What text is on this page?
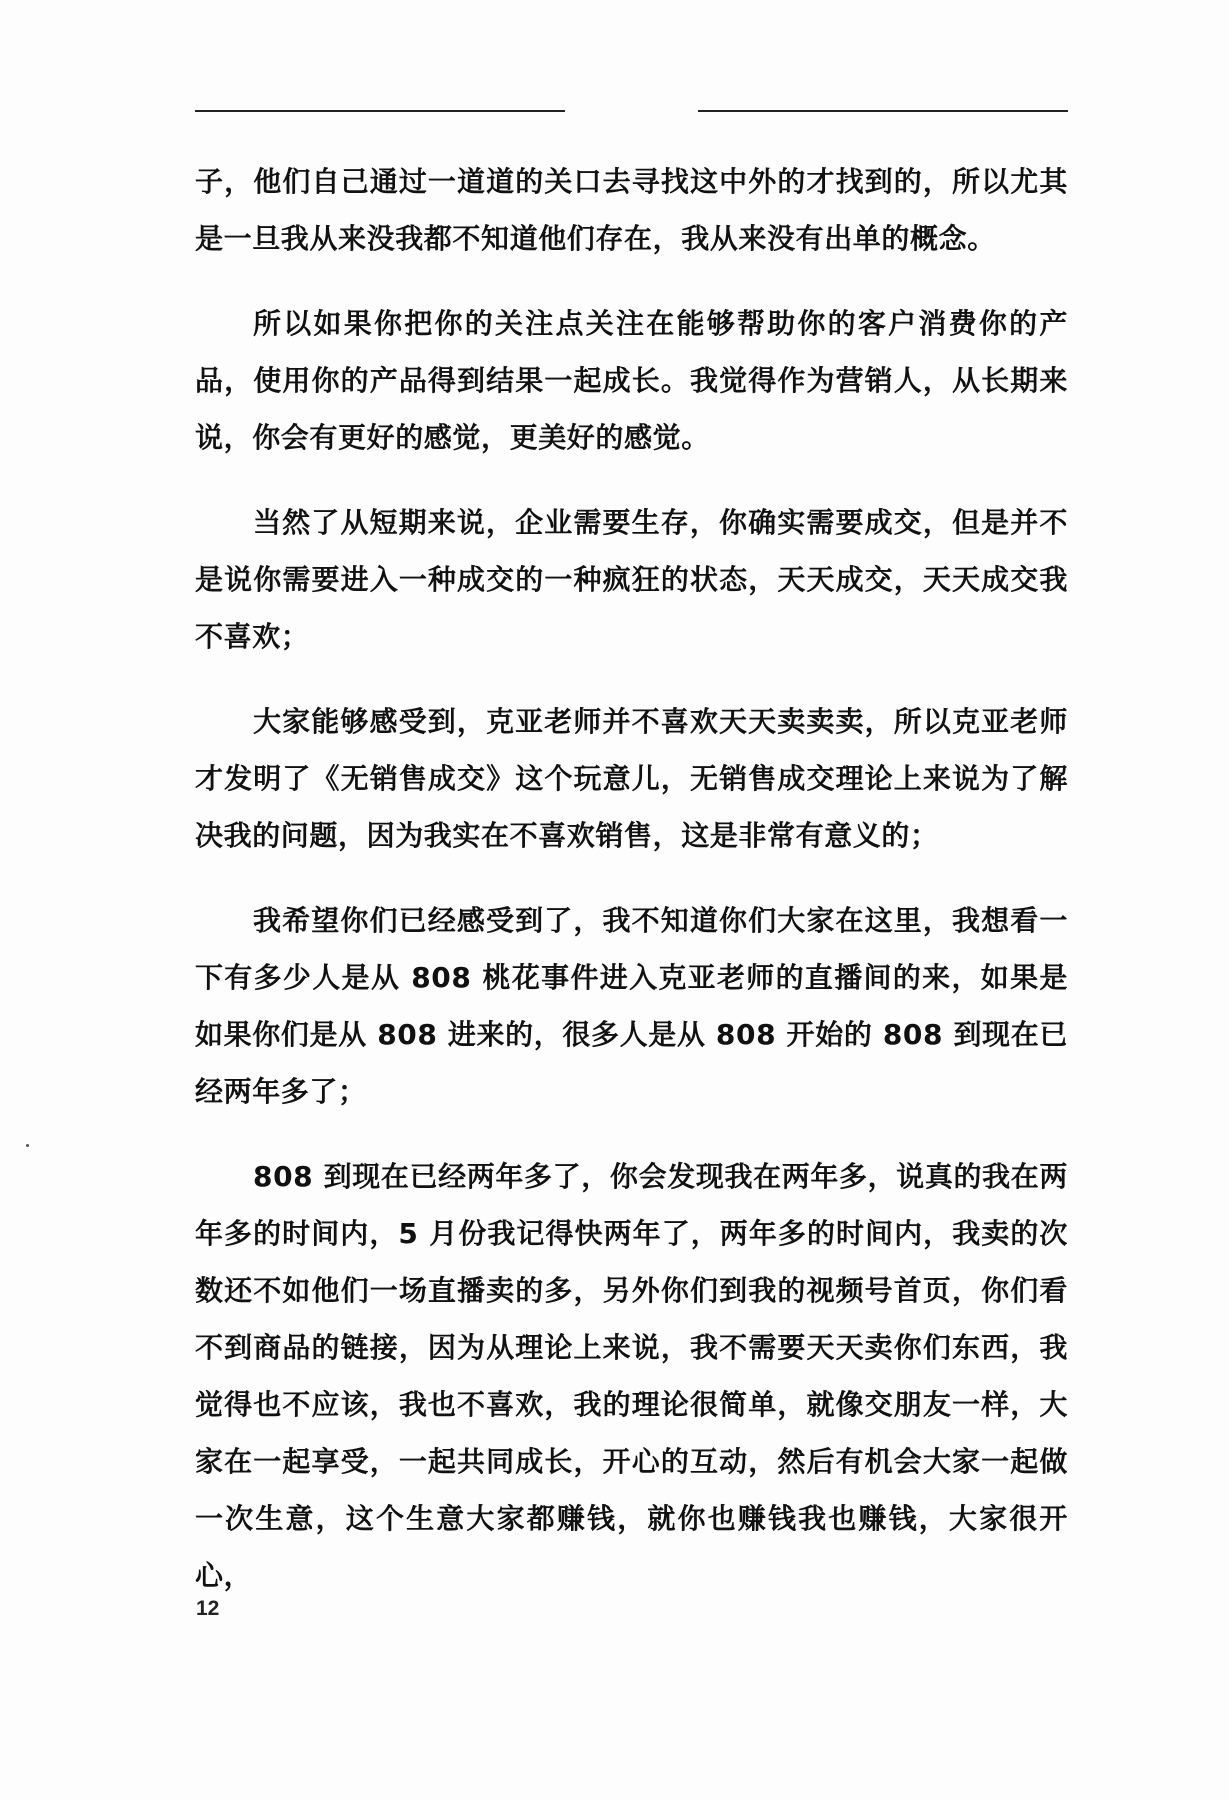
子，他们自己通过一道道的关口去寻找这中外的才找到的，所以尤其是一旦我从来没我都不知道他们存在，我从来没有出单的概念。

所以如果你把你的关注点关注在能够帮助你的客户消费你的产品，使用你的产品得到结果一起成长。我觉得作为营销人，从长期来说，你会有更好的感觉，更美好的感觉。

当然了从短期来说，企业需要生存，你确实需要成交，但是并不是说你需要进入一种成交的一种疯狂的状态，天天成交，天天成交我不喜欢；

大家能够感受到，克亚老师并不喜欢天天卖卖卖，所以克亚老师才发明了《无销售成交》这个玩意儿，无销售成交理论上来说为了解决我的问题，因为我实在不喜欢销售，这是非常有意义的；

我希望你们已经感受到了，我不知道你们大家在这里，我想看一下有多少人是从 808 桃花事件进入克亚老师的直播间的来，如果是如果你们是从 808 进来的，很多人是从 808 开始的 808 到现在已经两年多了；

808 到现在已经两年多了，你会发现我在两年多，说真的我在两年多的时间内，5 月份我记得快两年了，两年多的时间内，我卖的次数还不如他们一场直播卖的多，另外你们到我的视频号首页，你们看不到商品的链接，因为从理论上来说，我不需要天天卖你们东西，我觉得也不应该，我也不喜欢，我的理论很简单，就像交朋友一样，大家在一起享受，一起共同成长，开心的互动，然后有机会大家一起做一次生意，这个生意大家都赚钱，就你也赚钱我也赚钱，大家很开心，

12
